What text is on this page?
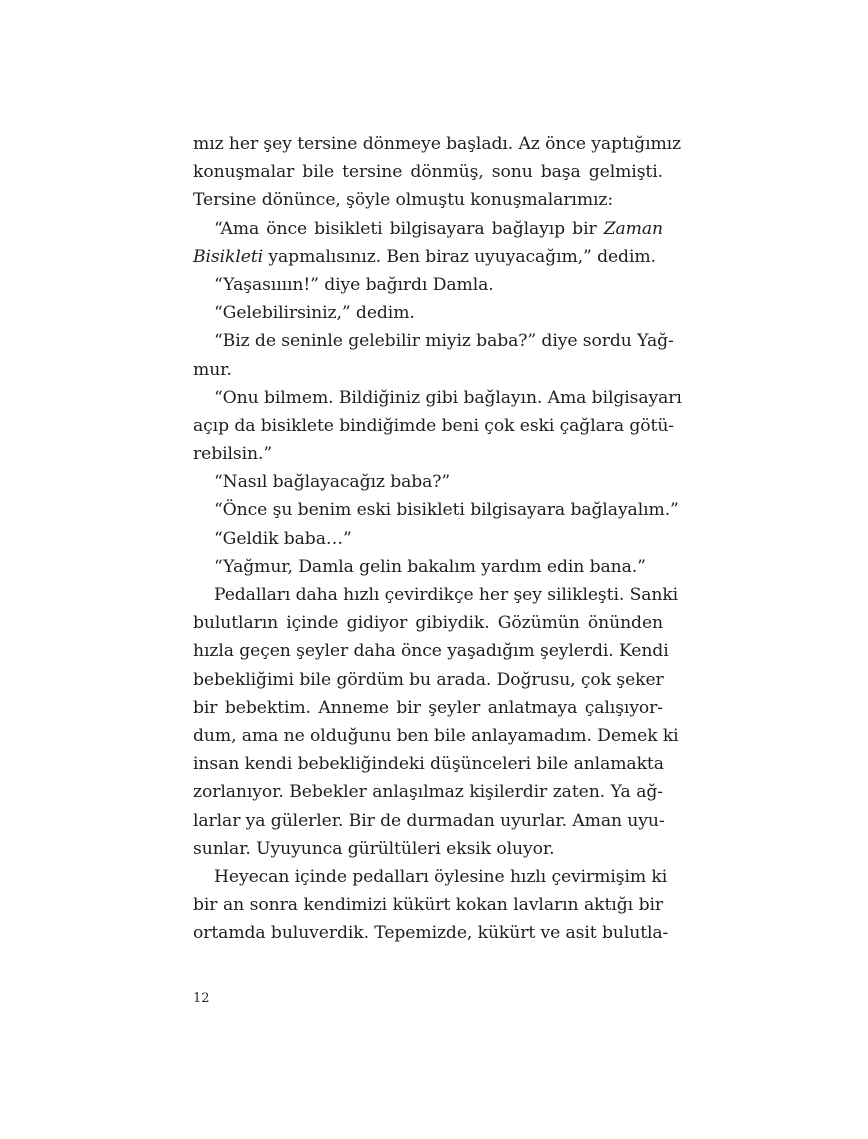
mız her şey tersine dönmeye başladı. Az önce yaptığımız
konuşmalar bile tersine dönmüş, sonu başa gelmişti.
Tersine dönünce, şöyle olmuştu konuşmalarımız:
“Ama önce bisikleti bilgisayara bağlayıp bir Zaman
Bisikleti yapmalısınız. Ben biraz uyuyacağım,” dedim.
“Yaşasıııın!” diye bağırdı Damla.
“Gelebilirsiniz,” dedim.
“Biz de seninle gelebilir miyiz baba?” diye sordu Yağ-
mur.
“Onu bilmem. Bildiğiniz gibi bağlayın. Ama bilgisayarı
açıp da bisiklete bindiğimde beni çok eski çağlara götü-
rebilsin.”
“Nasıl bağlayacağız baba?”
“Önce şu benim eski bisikleti bilgisayara bağlayalım.”
“Geldik baba…”
“Yağmur, Damla gelin bakalım yardım edin bana.”
Pedalları daha hızlı çevirdikçe her şey silikleşti. Sanki
bulutların içinde gidiyor gibiydik. Gözümün önünden
hızla geçen şeyler daha önce yaşadığım şeylerdi. Kendi
bebekliğimi bile gördüm bu arada. Doğrusu, çok şeker
bir bebektim. Anneme bir şeyler anlatmaya çalışıyor-
dum, ama ne olduğunu ben bile anlayamadım. Demek ki
insan kendi bebekliğindeki düşünceleri bile anlamakta
zorlanıyor. Bebekler anlaşılmaz kişilerdir zaten. Ya ağ-
larlar ya gülerler. Bir de durmadan uyurlar. Aman uyu-
sunlar. Uyuyunca gürültüleri eksik oluyor.
Heyecan içinde pedalları öylesine hızlı çevirmişim ki
bir an sonra kendimizi kükürt kokan lavların aktığı bir
ortamda buluverdik. Tepemizde, kükürt ve asit bulutla-
12
